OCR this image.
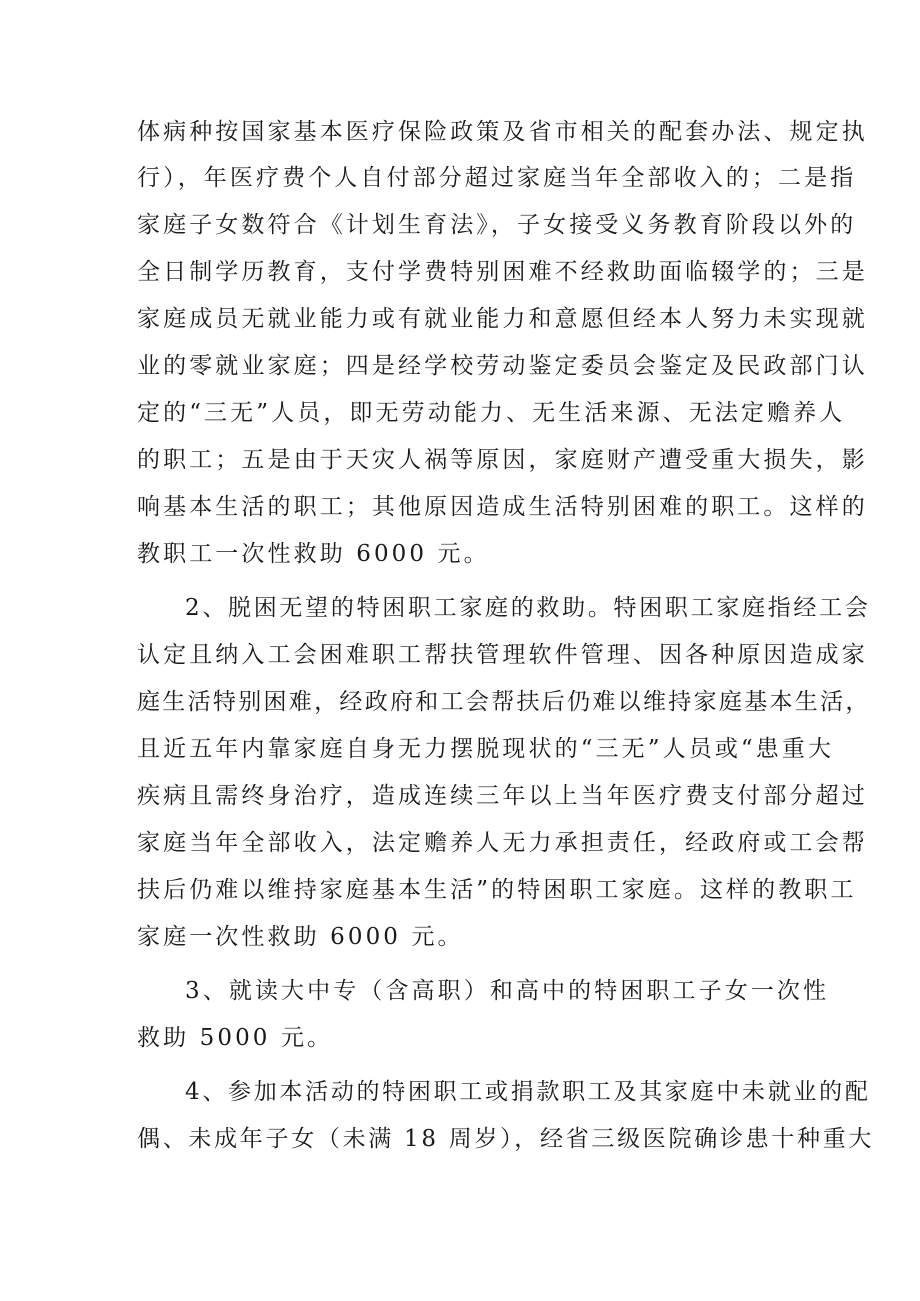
体病种按国家基本医疗保险政策及省市相关的配套办法、规定执
行），年医疗费个人自付部分超过家庭当年全部收入的；二是指
家庭子女数符合《计划生育法》，子女接受义务教育阶段以外的
全日制学历教育，支付学费特别困难不经救助面临辍学的；三是
家庭成员无就业能力或有就业能力和意愿但经本人努力未实现就
业的零就业家庭；四是经学校劳动鉴定委员会鉴定及民政部门认
定的“三无”人员，即无劳动能力、无生活来源、无法定赡养人
的职工；五是由于天灾人祸等原因，家庭财产遭受重大损失，影
响基本生活的职工；其他原因造成生活特别困难的职工。这样的
教职工一次性救助 6000 元。
2、脱困无望的特困职工家庭的救助。特困职工家庭指经工会
认定且纳入工会困难职工帮扶管理软件管理、因各种原因造成家
庭生活特别困难，经政府和工会帮扶后仍难以维持家庭基本生活，
且近五年内靠家庭自身无力摆脱现状的“三无”人员或“患重大
疾病且需终身治疗，造成连续三年以上当年医疗费支付部分超过
家庭当年全部收入，法定赡养人无力承担责任，经政府或工会帮
扶后仍难以维持家庭基本生活”的特困职工家庭。这样的教职工
家庭一次性救助 6000 元。
3、就读大中专（含高职）和高中的特困职工子女一次性
救助 5000 元。
4、参加本活动的特困职工或捐款职工及其家庭中未就业的配
偶、未成年子女（未满 18 周岁），经省三级医院确诊患十种重大
